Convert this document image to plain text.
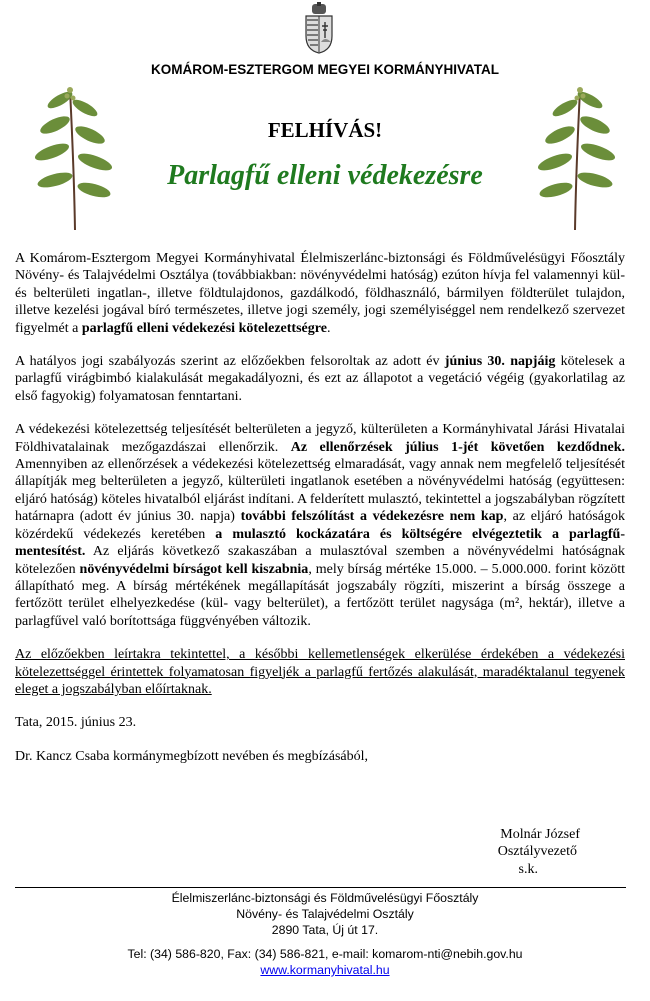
KOMÁROM-ESZTERGOM MEGYEI KORMÁNYHIVATAL
FELHÍVÁS!
Parlagfű elleni védekezésre

A Komárom-Esztergom Megyei Kormányhivatal Élelmiszerlánc-biztonsági és Földművelésügyi Főosztály Növény- és Talajvédelmi Osztálya (továbbiakban: növényvédelmi hatóság) ezúton hívja fel valamennyi kül- és belterületi ingatlan-, illetve földtulajdonos, gazdálkodó, földhasználó, bármilyen földterület tulajdon, illetve kezelési jogával bíró természetes, illetve jogi személy, jogi személyiséggel nem rendelkező szervezet figyelmét a parlagfű elleni védekezési kötelezettségre.

A hatályos jogi szabályozás szerint az előzőekben felsoroltak az adott év június 30. napjáig kötelesek a parlagfű virágbimbó kialakulását megakadályozni, és ezt az állapotot a vegetáció végéig (gyakorlatilag az első fagyokig) folyamatosan fenntartani.

A védekezési kötelezettség teljesítését belterületen a jegyző, külterületen a Kormányhivatal Járási Hivatalai Földhivatalainak mezőgazdászai ellenőrzik. Az ellenőrzések július 1-jét követően kezdődnek. Amennyiben az ellenőrzések a védekezési kötelezettség elmaradását, vagy annak nem megfelelő teljesítését állapítják meg belterületen a jegyző, külterületi ingatlanok esetében a növényvédelmi hatóság (együttesen: eljáró hatóság) köteles hivatalból eljárást indítani. A felderített mulasztó, tekintettel a jogszabályban rögzített határnapra (adott év június 30. napja) további felszólítást a védekezésre nem kap, az eljáró hatóságok közérdekű védekezés keretében a mulasztó kockázatára és költségére elvégeztetik a parlagfű-mentesítést. Az eljárás következő szakaszában a mulasztóval szemben a növényvédelmi hatóságnak kötelezően növényvédelmi bírságot kell kiszabnia, mely bírság mértéke 15.000. – 5.000.000. forint között állapítható meg. A bírság mértékének megállapítását jogszabály rögzíti, miszerint a bírság összege a fertőzött terület elhelyezkedése (kül- vagy belterület), a fertőzött terület nagysága (m², hektár), illetve a parlagfűvel való borítottsága függvényében változik.

Az előzőekben leírtakra tekintettel, a későbbi kellemetlenségek elkerülése érdekében a védekezési kötelezettséggel érintettek folyamatosan figyeljék a parlagfű fertőzés alakulását, maradéktalanul tegyenek eleget a jogszabályban előírtaknak.

Tata, 2015. június 23.

Dr. Kancz Csaba kormánymegbízott nevében és megbízásából,

Molnár József
Osztályvezető
s.k.
Élelmiszerlánc-biztonsági és Földművelésügyi Főosztály
Növény- és Talajvédelmi Osztály
2890 Tata, Új út 17.
Tel: (34) 586-820, Fax: (34) 586-821, e-mail: komarom-nti@nebih.gov.hu
www.kormanyhivatal.hu
